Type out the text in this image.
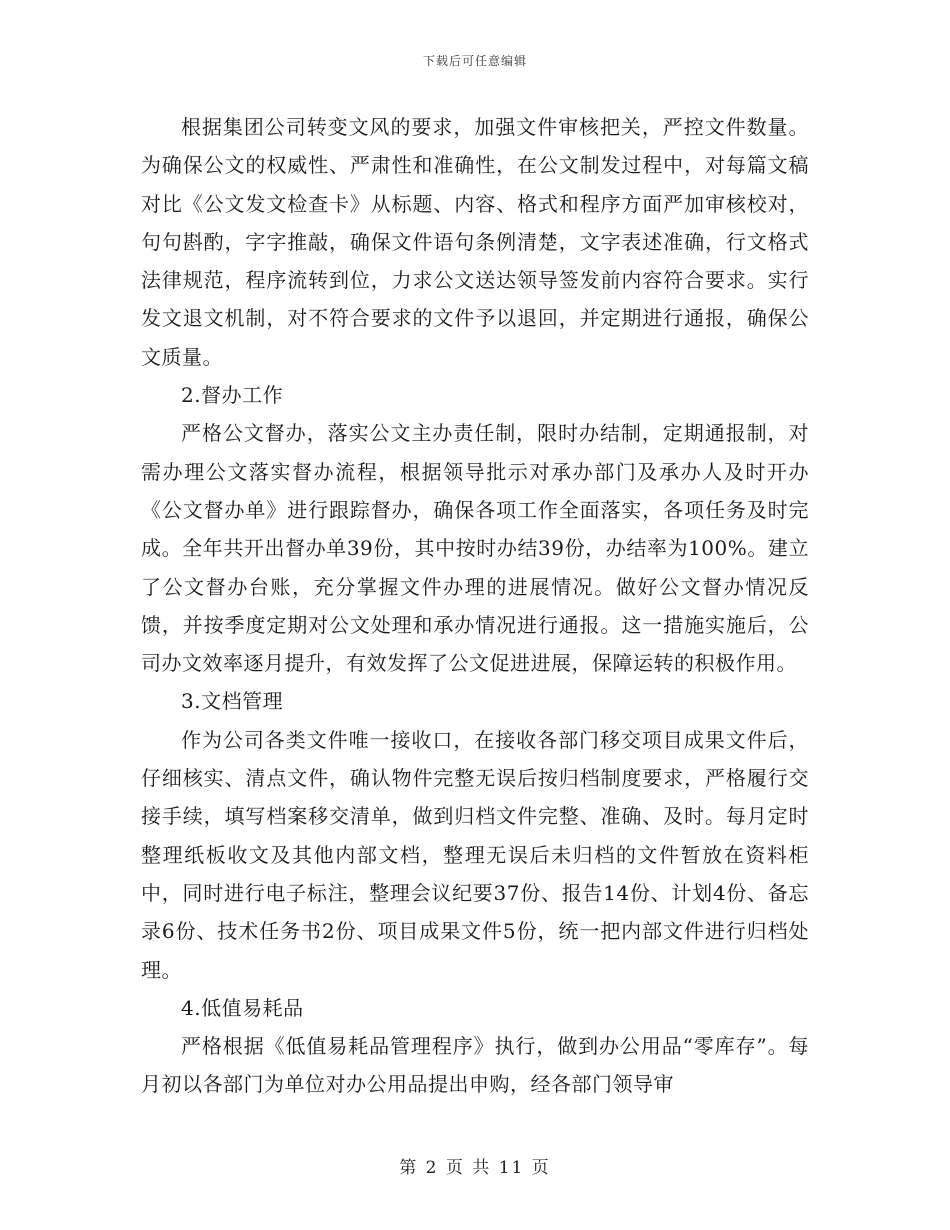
下载后可任意编辑

根据集团公司转变文风的要求，加强文件审核把关，严控文件数量。为确保公文的权威性、严肃性和准确性，在公文制发过程中，对每篇文稿对比《公文发文检查卡》从标题、内容、格式和程序方面严加审核校对，句句斟酌，字字推敲，确保文件语句条例清楚，文字表述准确，行文格式法律规范，程序流转到位，力求公文送达领导签发前内容符合要求。实行发文退文机制，对不符合要求的文件予以退回，并定期进行通报，确保公文质量。

2.督办工作

严格公文督办，落实公文主办责任制，限时办结制，定期通报制，对需办理公文落实督办流程，根据领导批示对承办部门及承办人及时开办《公文督办单》进行跟踪督办，确保各项工作全面落实，各项任务及时完成。全年共开出督办单39份，其中按时办结39份，办结率为100%。建立了公文督办台账，充分掌握文件办理的进展情况。做好公文督办情况反馈，并按季度定期对公文处理和承办情况进行通报。这一措施实施后，公司办文效率逐月提升，有效发挥了公文促进进展，保障运转的积极作用。

3.文档管理

作为公司各类文件唯一接收口，在接收各部门移交项目成果文件后，仔细核实、清点文件，确认物件完整无误后按归档制度要求，严格履行交接手续，填写档案移交清单，做到归档文件完整、准确、及时。每月定时整理纸板收文及其他内部文档，整理无误后未归档的文件暂放在资料柜中，同时进行电子标注，整理会议纪要37份、报告14份、计划4份、备忘录6份、技术任务书2份、项目成果文件5份，统一把内部文件进行归档处理。

4.低值易耗品

严格根据《低值易耗品管理程序》执行，做到办公用品“零库存”。每月初以各部门为单位对办公用品提出申购，经各部门领导审

第 2 页 共 11 页
